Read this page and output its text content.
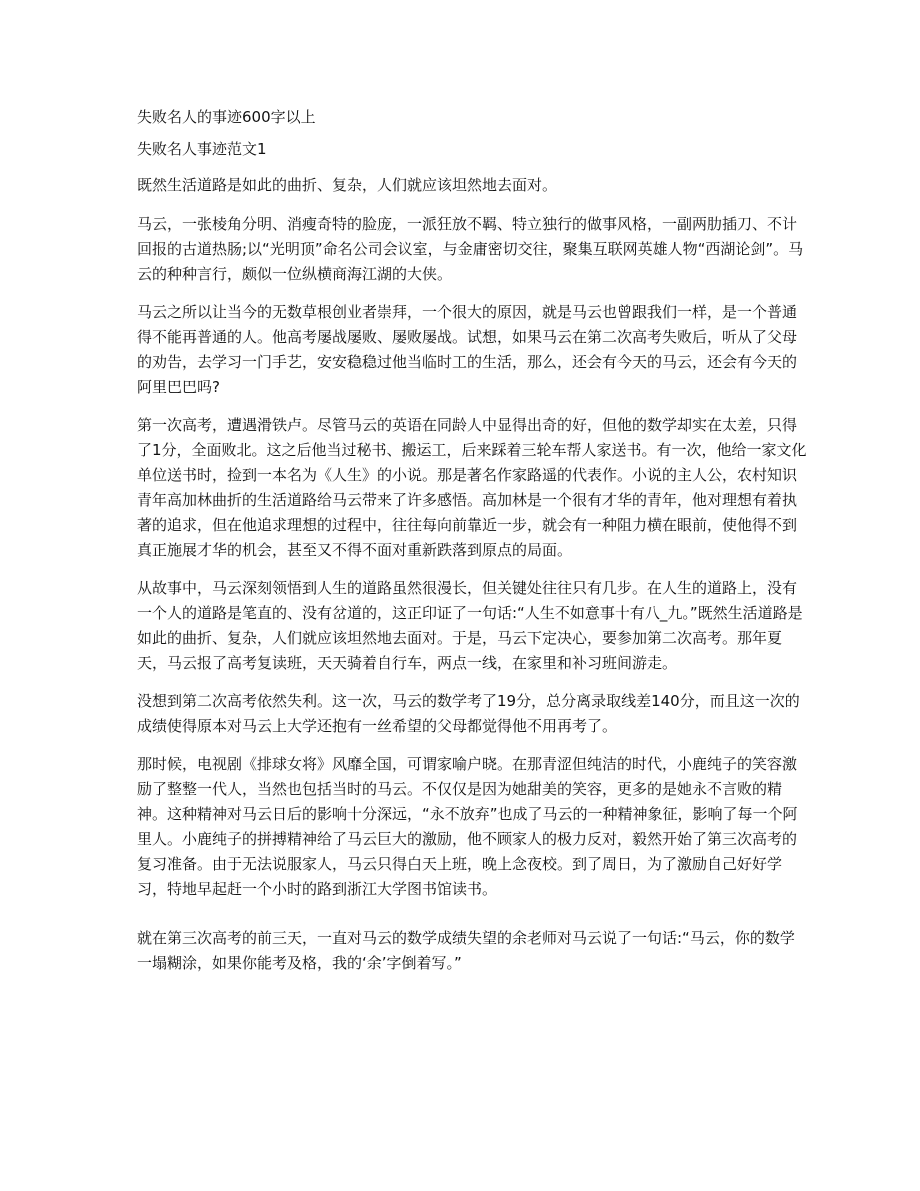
失败名人的事迹600字以上

失败名人事迹范文1

既然生活道路是如此的曲折、复杂，人们就应该坦然地去面对。

马云，一张棱角分明、消瘦奇特的脸庞，一派狂放不羁、特立独行的做事风格，一副两肋插刀、不计回报的古道热肠;以“光明顶”命名公司会议室，与金庸密切交往，聚集互联网英雄人物“西湖论剑”。马云的种种言行，颇似一位纵横商海江湖的大侠。

马云之所以让当今的无数草根创业者崇拜，一个很大的原因，就是马云也曾跟我们一样，是一个普通得不能再普通的人。他高考屡战屡败、屡败屡战。试想，如果马云在第二次高考失败后，听从了父母的劝告，去学习一门手艺，安安稳稳过他当临时工的生活，那么，还会有今天的马云，还会有今天的阿里巴巴吗?

第一次高考，遭遇滑铁卢。尽管马云的英语在同龄人中显得出奇的好，但他的数学却实在太差，只得了1分，全面败北。这之后他当过秘书、搬运工，后来踩着三轮车帮人家送书。有一次，他给一家文化单位送书时，捡到一本名为《人生》的小说。那是著名作家路遥的代表作。小说的主人公，农村知识青年高加林曲折的生活道路给马云带来了许多感悟。高加林是一个很有才华的青年，他对理想有着执著的追求，但在他追求理想的过程中，往往每向前靠近一步，就会有一种阻力横在眼前，使他得不到真正施展才华的机会，甚至又不得不面对重新跌落到原点的局面。

从故事中，马云深刻领悟到人生的道路虽然很漫长，但关键处往往只有几步。在人生的道路上，没有一个人的道路是笔直的、没有岔道的，这正印证了一句话:“人生不如意事十有八_九。”既然生活道路是如此的曲折、复杂，人们就应该坦然地去面对。于是，马云下定决心，要参加第二次高考。那年夏天，马云报了高考复读班，天天骑着自行车，两点一线，在家里和补习班间游走。

没想到第二次高考依然失利。这一次，马云的数学考了19分，总分离录取线差140分，而且这一次的成绩使得原本对马云上大学还抱有一丝希望的父母都觉得他不用再考了。

那时候，电视剧《排球女将》风靡全国，可谓家喻户晓。在那青涩但纯洁的时代，小鹿纯子的笑容激励了整整一代人，当然也包括当时的马云。不仅仅是因为她甜美的笑容，更多的是她永不言败的精神。这种精神对马云日后的影响十分深远，“永不放弃”也成了马云的一种精神象征，影响了每一个阿里人。小鹿纯子的拼搏精神给了马云巨大的激励，他不顾家人的极力反对，毅然开始了第三次高考的复习准备。由于无法说服家人，马云只得白天上班，晚上念夜校。到了周日，为了激励自己好好学习，特地早起赶一个小时的路到浙江大学图书馆读书。

就在第三次高考的前三天，一直对马云的数学成绩失望的余老师对马云说了一句话:“马云，你的数学一塌糊涂，如果你能考及格，我的‘余’字倒着写。”
